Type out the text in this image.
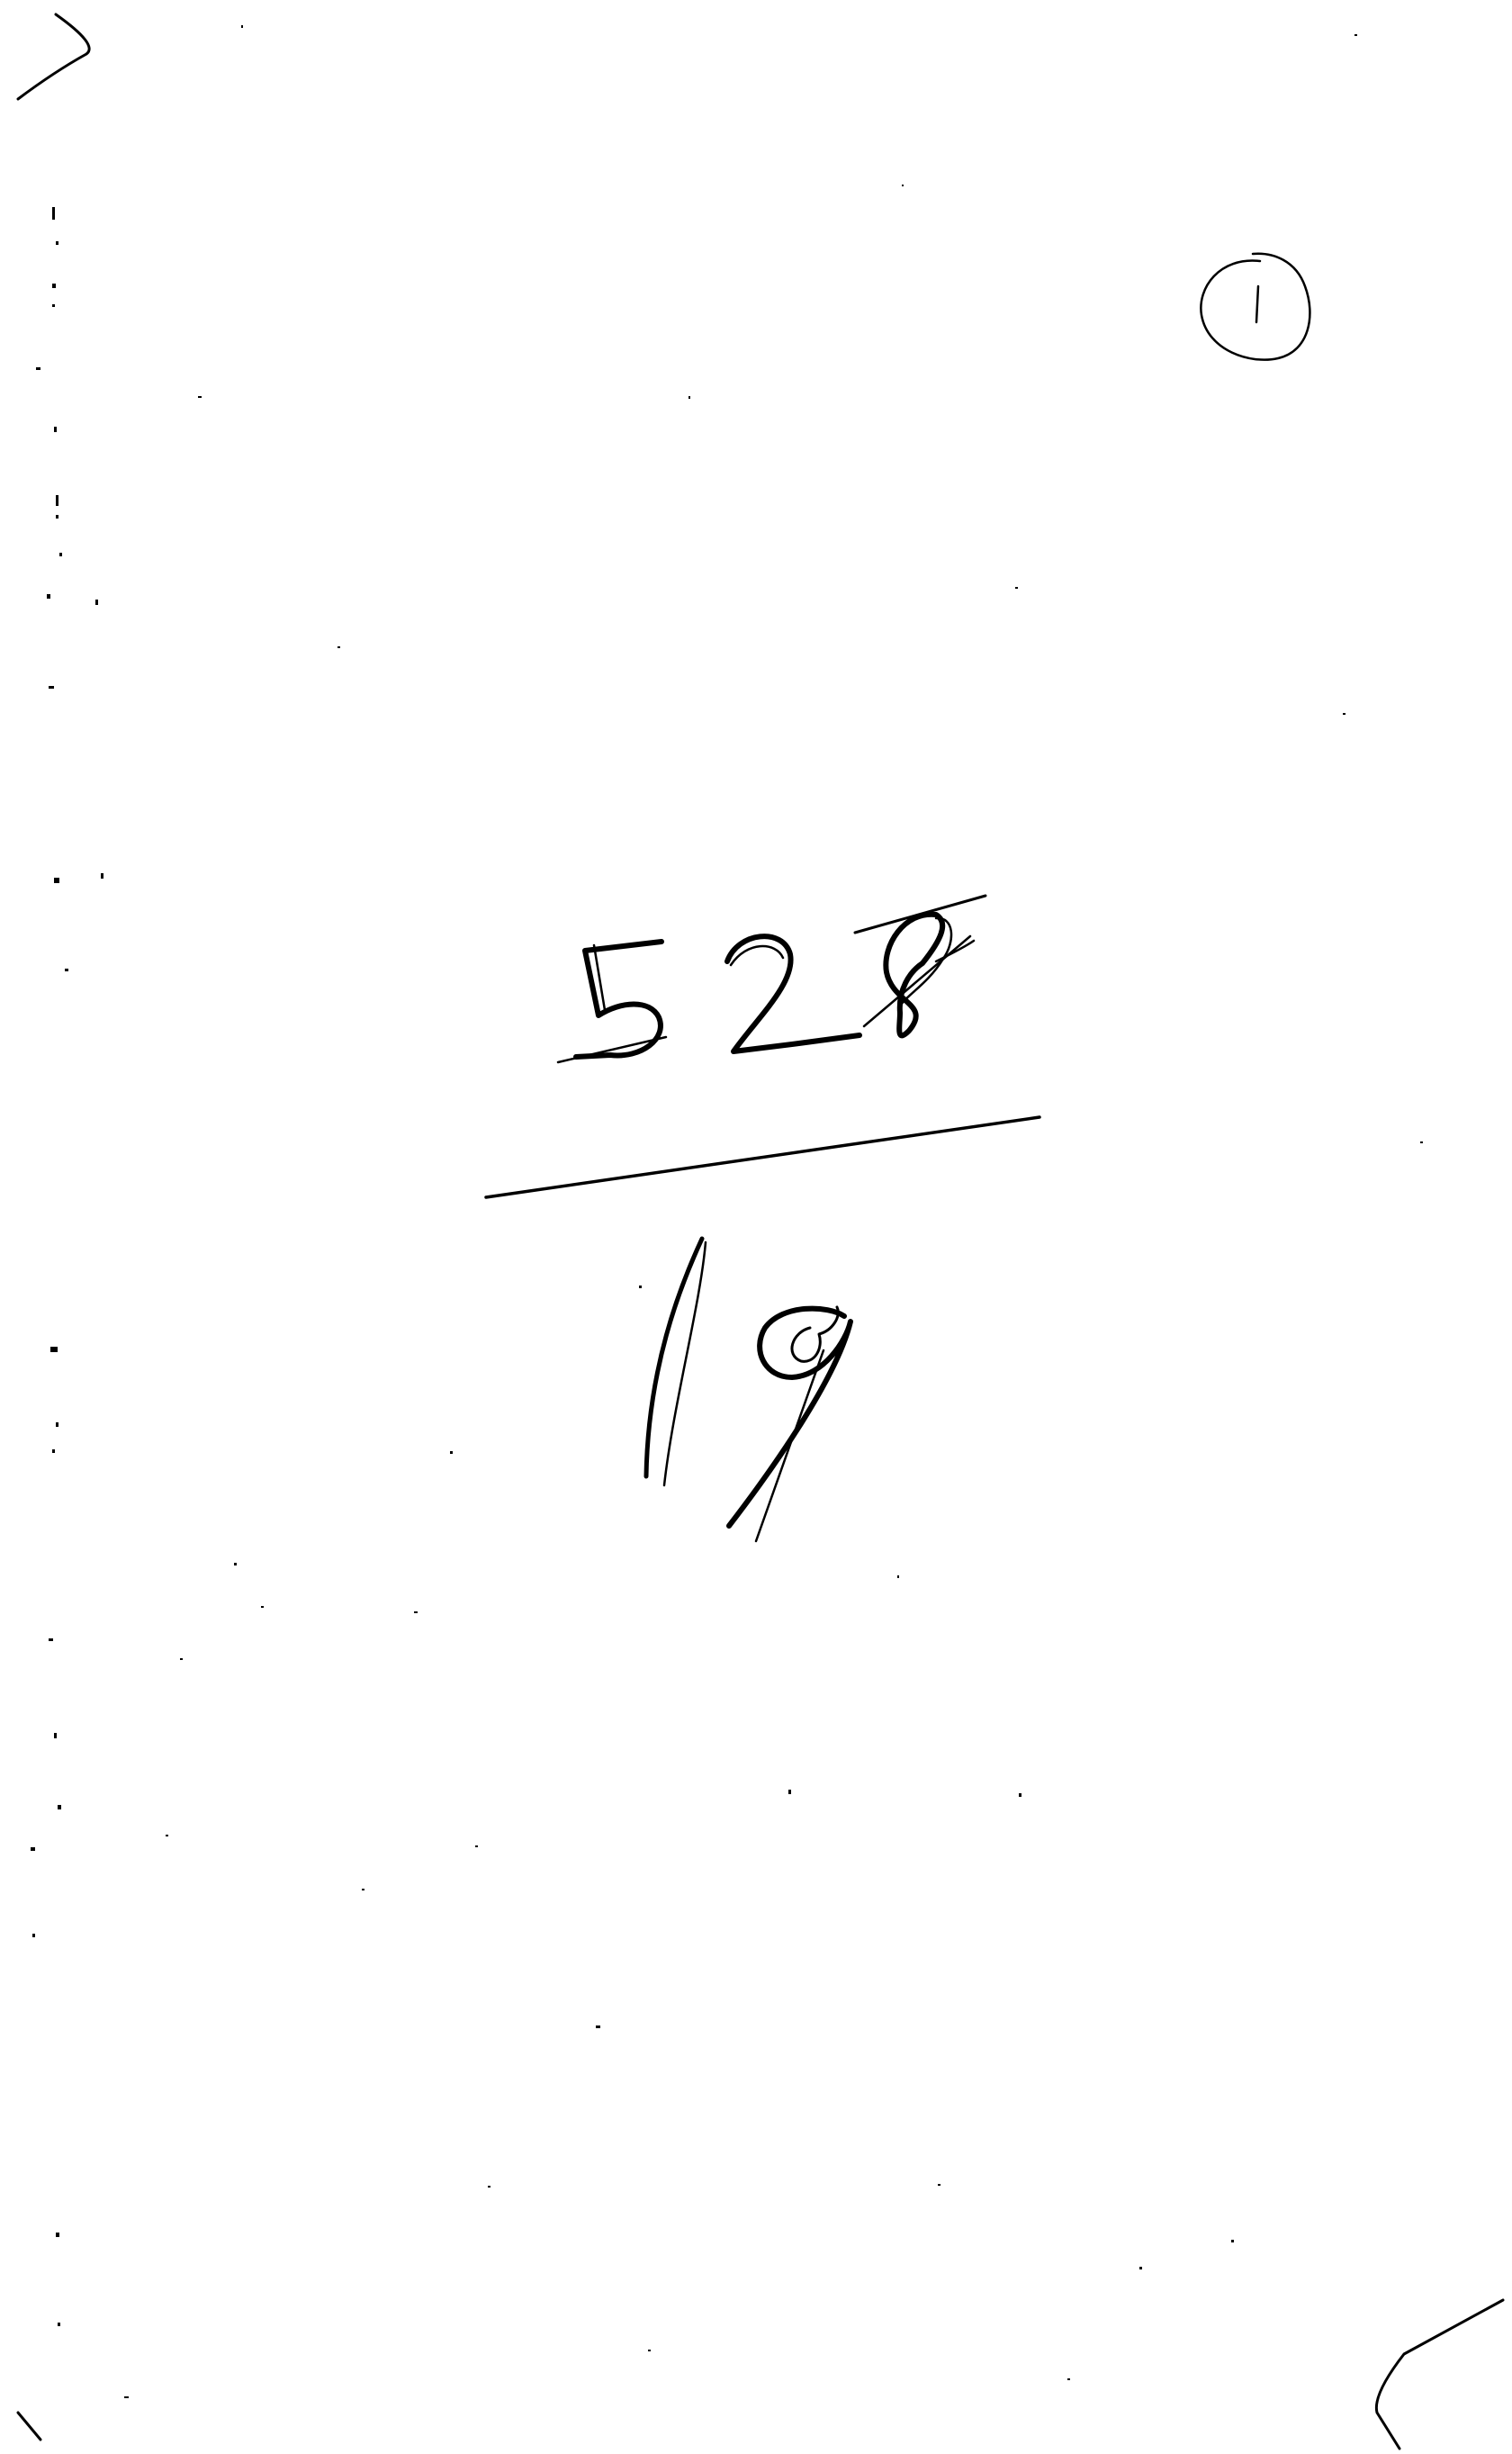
1 5 19
